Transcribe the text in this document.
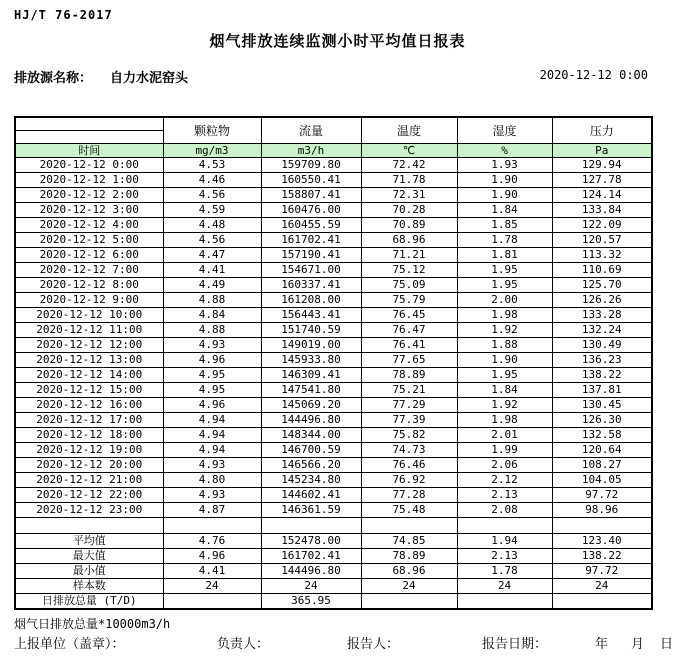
HJ/T 76-2017
烟气排放连续监测小时平均值日报表
排放源名称： 自力水泥窑头	2020-12-12 0:00
	颗粒物	流量	温度	湿度	压力

时间	mg/m3	m3/h	℃	%	Pa
2020-12-12 0:00	4.53	159709.80	72.42	1.93	129.94
2020-12-12 1:00	4.46	160550.41	71.78	1.90	127.78
2020-12-12 2:00	4.56	158807.41	72.31	1.90	124.14
2020-12-12 3:00	4.59	160476.00	70.28	1.84	133.84
2020-12-12 4:00	4.48	160455.59	70.89	1.85	122.09
2020-12-12 5:00	4.56	161702.41	68.96	1.78	120.57
2020-12-12 6:00	4.47	157190.41	71.21	1.81	113.32
2020-12-12 7:00	4.41	154671.00	75.12	1.95	110.69
2020-12-12 8:00	4.49	160337.41	75.09	1.95	125.70
2020-12-12 9:00	4.88	161208.00	75.79	2.00	126.26
2020-12-12 10:00	4.84	156443.41	76.45	1.98	133.28
2020-12-12 11:00	4.88	151740.59	76.47	1.92	132.24
2020-12-12 12:00	4.93	149019.00	76.41	1.88	130.49
2020-12-12 13:00	4.96	145933.80	77.65	1.90	136.23
2020-12-12 14:00	4.95	146309.41	78.89	1.95	138.22
2020-12-12 15:00	4.95	147541.80	75.21	1.84	137.81
2020-12-12 16:00	4.96	145069.20	77.29	1.92	130.45
2020-12-12 17:00	4.94	144496.80	77.39	1.98	126.30
2020-12-12 18:00	4.94	148344.00	75.82	2.01	132.58
2020-12-12 19:00	4.94	146700.59	74.73	1.99	120.64
2020-12-12 20:00	4.93	146566.20	76.46	2.06	108.27
2020-12-12 21:00	4.80	145234.80	76.92	2.12	104.05
2020-12-12 22:00	4.93	144602.41	77.28	2.13	97.72
2020-12-12 23:00	4.87	146361.59	75.48	2.08	98.96

平均值	4.76	152478.00	74.85	1.94	123.40
最大值	4.96	161702.41	78.89	2.13	138.22
最小值	4.41	144496.80	68.96	1.78	97.72
样本数	24	24	24	24	24
日排放总量 (T/D)		365.95			
烟气日排放总量*10000m3/h
上报单位（盖章）：	负责人：	报告人：	报告日期：	年 月 日
